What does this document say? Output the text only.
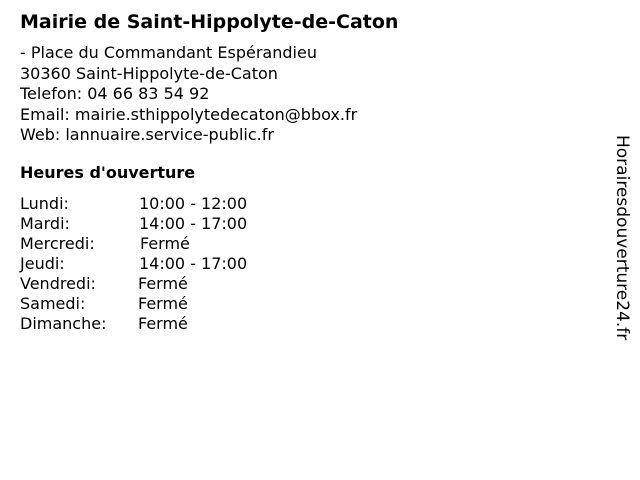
Mairie de Saint-Hippolyte-de-Caton
- Place du Commandant Espérandieu
30360 Saint-Hippolyte-de-Caton
Telefon: 04 66 83 54 92
Email: mairie.sthippolytedecaton@bbox.fr
Web: lannuaire.service-public.fr
Heures d'ouverture
Lundi:	10:00 - 12:00
Mardi:	14:00 - 17:00
Mercredi:	Fermé
Jeudi:	14:00 - 17:00
Vendredi:	Fermé
Samedi:	Fermé
Dimanche: Fermé	Horairesdouverture24.fr
